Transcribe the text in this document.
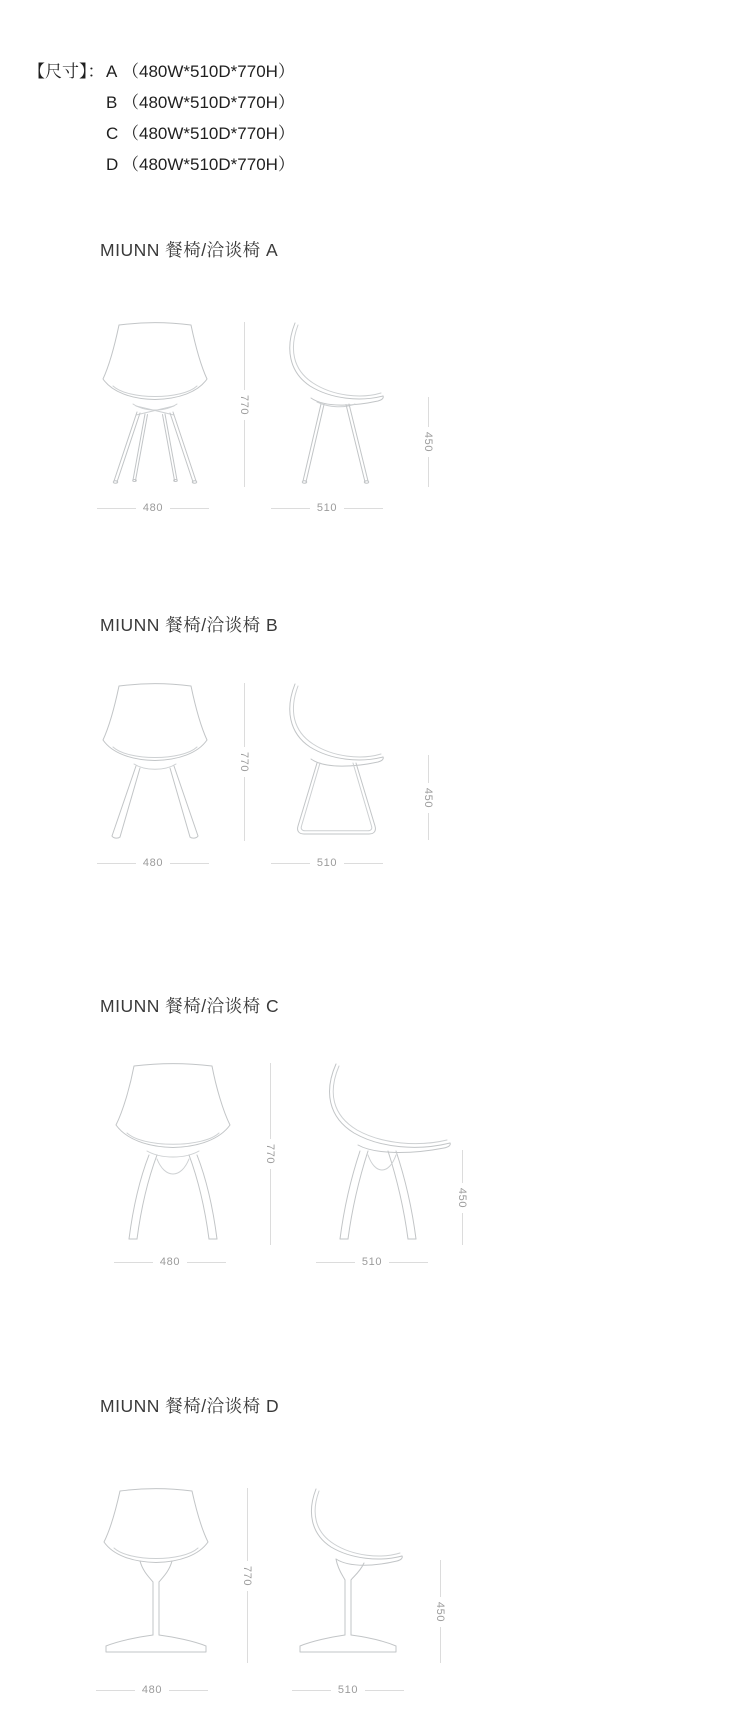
【尺寸】： A （480W*510D*770H）
B （480W*510D*770H）
C （480W*510D*770H）
D （480W*510D*770H）
MIUNN 餐椅/洽谈椅 A
770
450
480	510
MIUNN 餐椅/洽谈椅 B
770
450
480	510
MIUNN 餐椅/洽谈椅 C
770
450
480	510
MIUNN 餐椅/洽谈椅 D
770
450
480	510
